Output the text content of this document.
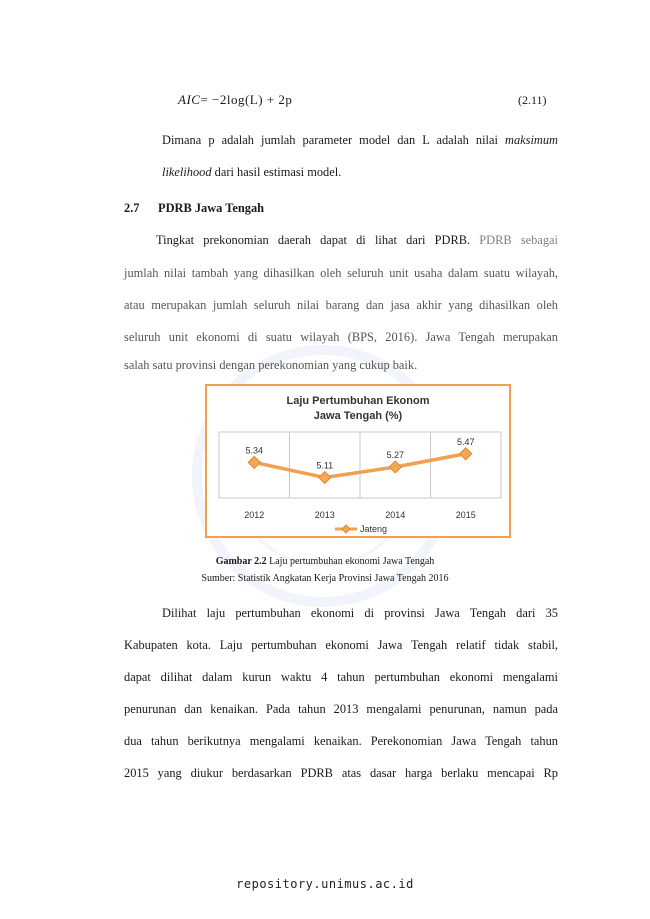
AIC= −2log(L) + 2p	(2.11)

Dimana p adalah jumlah parameter model dan L adalah nilai maksimum

likelihood dari hasil estimasi model.

2.7 PDRB Jawa Tengah

Tingkat prekonomian daerah dapat di lihat dari PDRB. PDRB sebagai

jumlah nilai tambah yang dihasilkan oleh seluruh unit usaha dalam suatu wilayah,

atau merupakan jumlah seluruh nilai barang dan jasa akhir yang dihasilkan oleh

seluruh unit ekonomi di suatu wilayah (BPS, 2016). Jawa Tengah merupakan

salah satu provinsi dengan perekonomian yang cukup baik.

Laju Pertumbuhan Ekonom
Jawa Tengah (%)
5.34
5.11
5.27
5.47
2012	2013	2014	2015
Jateng
Gambar 2.2 Laju pertumbuhan ekonomi Jawa Tengah
Sumber: Statistik Angkatan Kerja Provinsi Jawa Tengah 2016

Dilihat laju pertumbuhan ekonomi di provinsi Jawa Tengah dari 35

Kabupaten kota. Laju pertumbuhan ekonomi Jawa Tengah relatif tidak stabil,

dapat dilihat dalam kurun waktu 4 tahun pertumbuhan ekonomi mengalami

penurunan dan kenaikan. Pada tahun 2013 mengalami penurunan, namun pada

dua tahun berikutnya mengalami kenaikan. Perekonomian Jawa Tengah tahun

2015 yang diukur berdasarkan PDRB atas dasar harga berlaku mencapai Rp

repository.unimus.ac.id
